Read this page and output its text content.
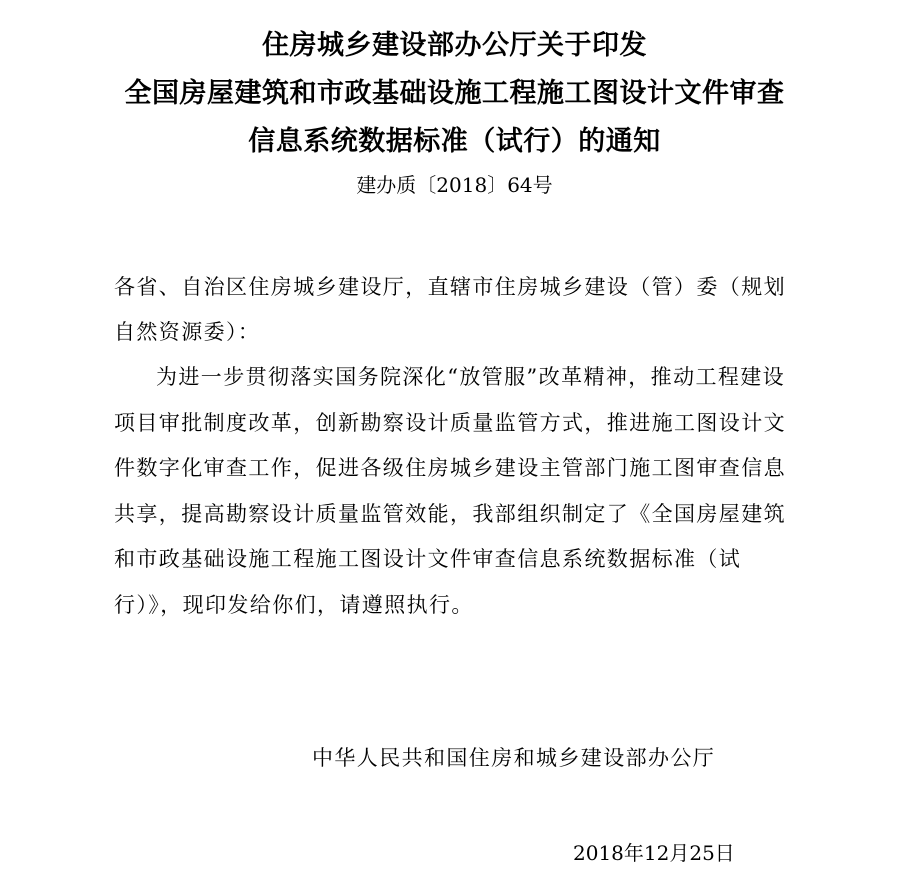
住房城乡建设部办公厅关于印发
全国房屋建筑和市政基础设施工程施工图设计文件审查
信息系统数据标准（试行）的通知
建办质〔2018〕64号

各省、自治区住房城乡建设厅，直辖市住房城乡建设（管）委（规划自然资源委）：

为进一步贯彻落实国务院深化“放管服”改革精神，推动工程建设项目审批制度改革，创新勘察设计质量监管方式，推进施工图设计文件数字化审查工作，促进各级住房城乡建设主管部门施工图审查信息共享，提高勘察设计质量监管效能，我部组织制定了《全国房屋建筑和市政基础设施工程施工图设计文件审查信息系统数据标准（试行）》，现印发给你们，请遵照执行。

中华人民共和国住房和城乡建设部办公厅
2018年12月25日
